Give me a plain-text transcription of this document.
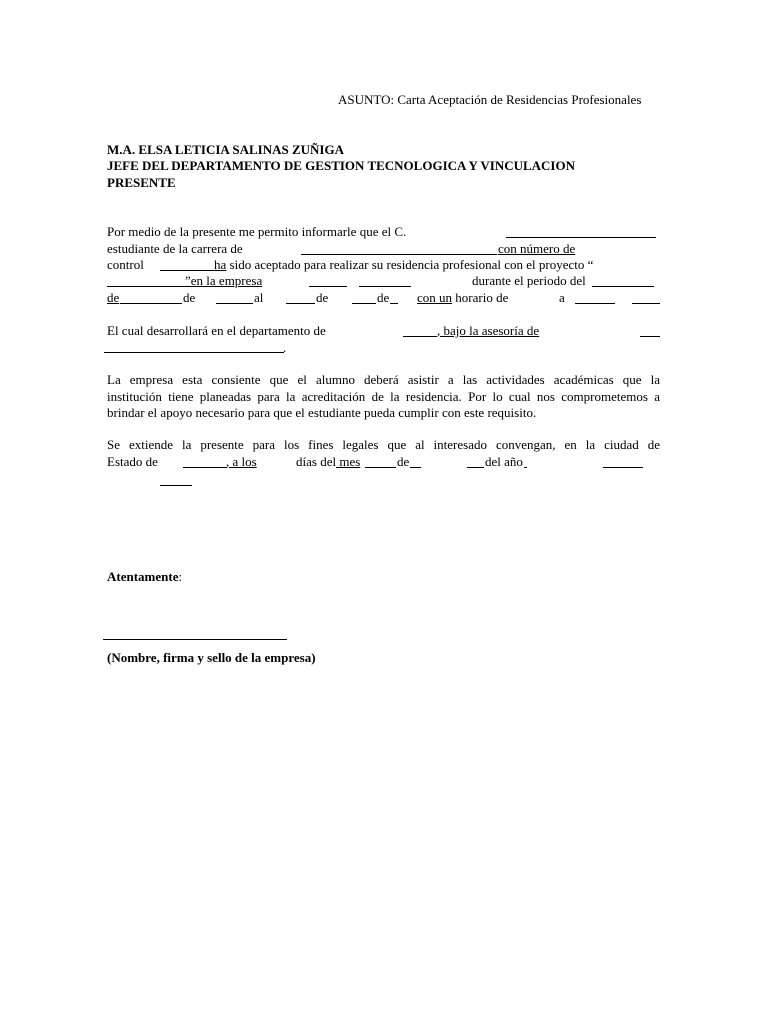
ASUNTO: Carta Aceptación de Residencias Profesionales
M.A. ELSA LETICIA SALINAS ZUÑIGA
JEFE DEL DEPARTAMENTO DE GESTION TECNOLOGICA Y VINCULACION
PRESENTE
Por medio de la presente me permito informarle que el C.
estudiante de la carrera de	con número de
control	ha sido aceptado para realizar su residencia profesional con el proyecto “
”en la empresa	durante el periodo del
de	de	al	de	de con un horario de	a
El cual desarrollará en el departamento de	, bajo la asesoría de
.
La empresa esta consiente que el alumno deberá asistir a las actividades académicas que la
institución tiene planeadas para la acreditación de la residencia. Por lo cual nos comprometemos a
brindar el apoyo necesario para que el estudiante pueda cumplir con este requisito.
Se extiende la presente para los fines legales que al interesado convengan, en la ciudad de
Estado de	, a los	días del mes	de	del año
Atentamente:
(Nombre, firma y sello de la empresa)
